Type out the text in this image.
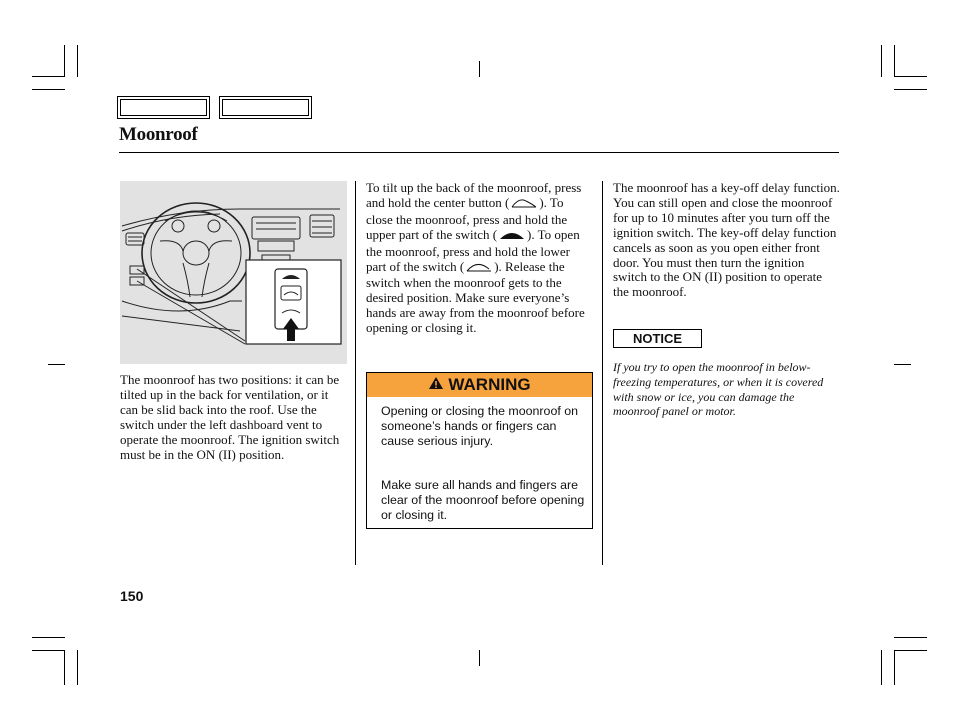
Moonroof

The moonroof has two positions: it can be tilted up in the back for ventilation, or it can be slid back into the roof. Use the switch under the left dashboard vent to operate the moonroof. The ignition switch must be in the ON (II) position.

To tilt up the back of the moonroof, press and hold the center button ( ). To close the moonroof, press and hold the upper part of the switch ( ). To open the moonroof, press and hold the lower part of the switch ( ). Release the switch when the moonroof gets to the desired position. Make sure everyone’s hands are away from the moonroof before opening or closing it.

WARNING

Opening or closing the moonroof on someone’s hands or fingers can cause serious injury.

Make sure all hands and fingers are clear of the moonroof before opening or closing it.

The moonroof has a key-off delay function. You can still open and close the moonroof for up to 10 minutes after you turn off the ignition switch. The key-off delay function cancels as soon as you open either front door. You must then turn the ignition switch to the ON (II) position to operate the moonroof.

NOTICE

If you try to open the moonroof in below-freezing temperatures, or when it is covered with snow or ice, you can damage the moonroof panel or motor.

150
